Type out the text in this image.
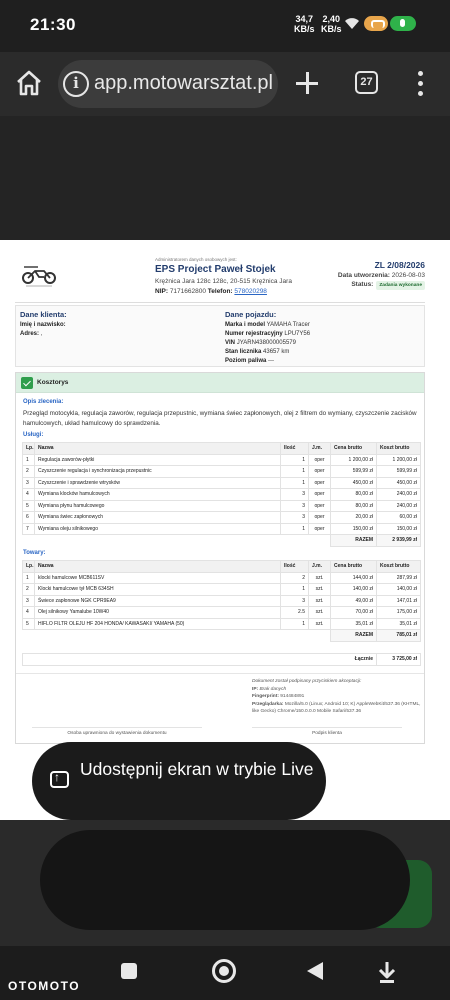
21:30	34,7
KB/s
2,40
KB/s
i app.motowarsztat.pl	27
Administratorem danych osobowych jest:
EPS Project Paweł Stojek
Krężnica Jara 128c 128c, 20-515 Krężnica Jara
NIP: 7171662800 Telefon: 578020298
ZL 2/08/2026
Data utworzenia: 2026-08-03
Status: Zadania wykonane
Dane klienta:
Imię i nazwisko:
Adres: ,
Dane pojazdu:
Marka i model YAMAHA Tracer
Numer rejestracyjny LPU7Y56
VIN JYARN438000005579
Stan licznika 43657 km
Poziom paliwa ---
Kosztorys
Opis zlecenia:
Przegląd motocykla, regulacja zaworów, regulacja przepustnic, wymiana świec zapłonowych, olej z filtrem do wymiany, czyszczenie zacisków hamulcowych, układ hamulcowy do sprawdzenia.
Usługi:
Lp.	Nazwa	Ilość	J.m.	Cena brutto	Koszt brutto
1	Regulacja zaworów-płytki	1	oper	1 200,00 zł	1 200,00 zł
2	Czyszczenie regulacja i synchronizacja przepustnic	1	oper	599,99 zł	599,99 zł
3	Czyszczenie i sprawdzenie wtrysków	1	oper	450,00 zł	450,00 zł
4	Wymiana klocków hamulcowych	3	oper	80,00 zł	240,00 zł
5	Wymiana płynu hamulcowego	3	oper	80,00 zł	240,00 zł
6	Wymiana świec zapłonowych	3	oper	20,00 zł	60,00 zł
7	Wymiana oleju silnikowego	1	oper	150,00 zł	150,00 zł
				RAZEM	2 939,99 zł
Towary:
Lp.	Nazwa	Ilość	J.m.	Cena brutto	Koszt brutto
1	klocki hamulcowe MCB611SV	2	szt.	144,00 zł	287,99 zł
2	Klocki hamulcowe tył MCB 634SH	1	szt.	140,00 zł	140,00 zł
3	Świece zapłonowe NGK CPR9EA9	3	szt.	49,00 zł	147,01 zł
4	Olej silnikowy Yamalube 10W40	2.5	szt.	70,00 zł	175,00 zł
5	HIFLO FILTR OLEJU HF 204 HONDA/ KAWASAKI/ YAMAHA (50)	1	szt.	35,01 zł	35,01 zł
				RAZEM	785,01 zł
Łącznie	3 725,00 zł
Dokument został podpisany przyciskiem akceptacji:
IP: Brak danych
Fingerprint: 914484891
Przeglądarka: Mozilla/5.0 (Linux; Android 10; K) AppleWebKit/537.36 (KHTML, like Gecko) Chrome/150.0.0.0 Mobile Safari/537.36
Osoba uprawniona do wystawienia dokumentu	Podpis klienta
↑
Udostępnij ekran w trybie Live
OTOMOTO
